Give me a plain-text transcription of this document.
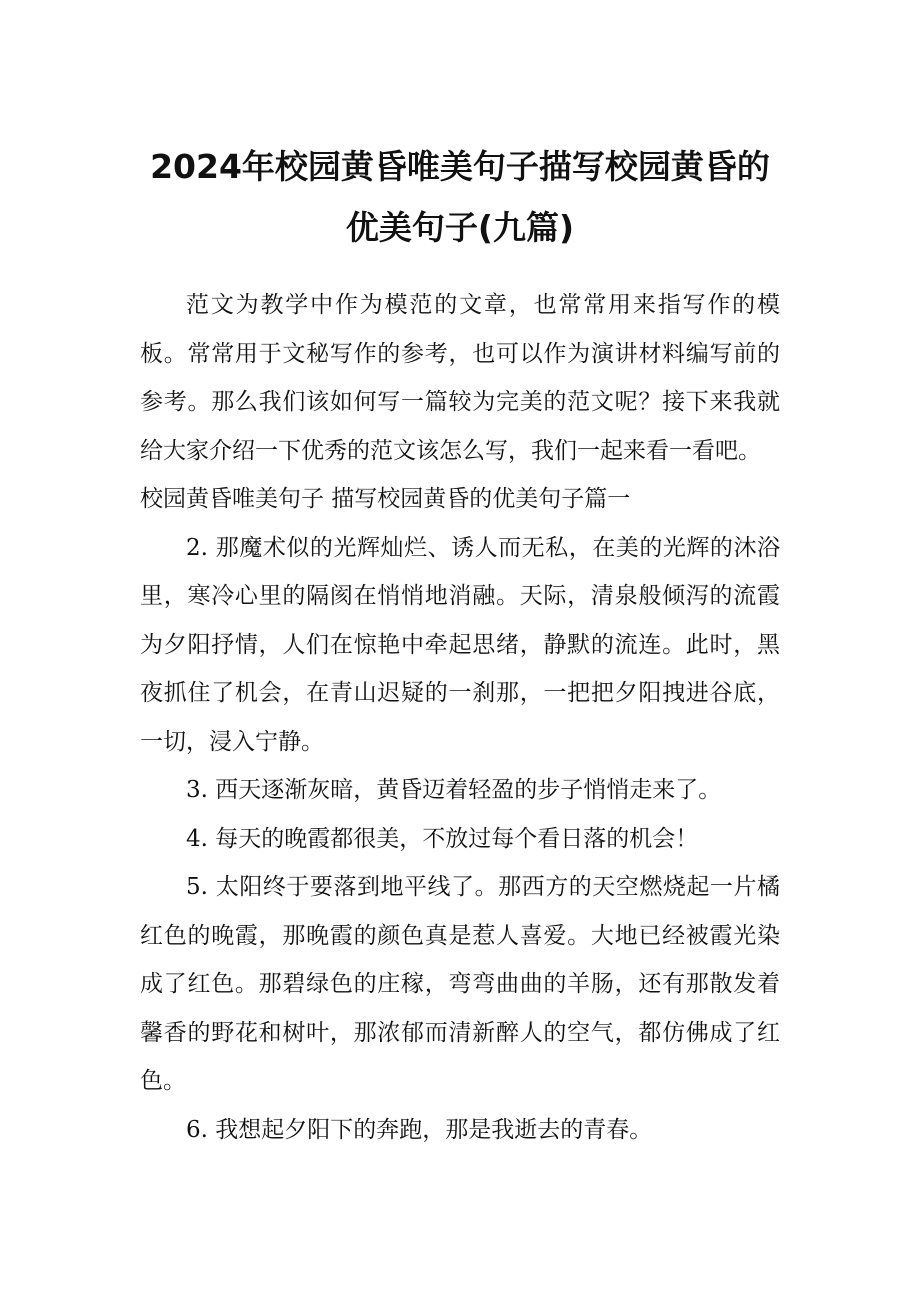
2024年校园黄昏唯美句子描写校园黄昏的
优美句子(九篇)

范文为教学中作为模范的文章，也常常用来指写作的模板。常常用于文秘写作的参考，也可以作为演讲材料编写前的参考。那么我们该如何写一篇较为完美的范文呢？接下来我就给大家介绍一下优秀的范文该怎么写，我们一起来看一看吧。

校园黄昏唯美句子 描写校园黄昏的优美句子篇一

2. 那魔术似的光辉灿烂、诱人而无私，在美的光辉的沐浴里，寒冷心里的隔阂在悄悄地消融。天际，清泉般倾泻的流霞为夕阳抒情，人们在惊艳中牵起思绪，静默的流连。此时，黑夜抓住了机会，在青山迟疑的一刹那，一把把夕阳拽进谷底，一切，浸入宁静。

3. 西天逐渐灰暗，黄昏迈着轻盈的步子悄悄走来了。

4. 每天的晚霞都很美，不放过每个看日落的机会！

5. 太阳终于要落到地平线了。那西方的天空燃烧起一片橘红色的晚霞，那晚霞的颜色真是惹人喜爱。大地已经被霞光染成了红色。那碧绿色的庄稼，弯弯曲曲的羊肠，还有那散发着馨香的野花和树叶，那浓郁而清新醉人的空气，都仿佛成了红色。

6. 我想起夕阳下的奔跑，那是我逝去的青春。
